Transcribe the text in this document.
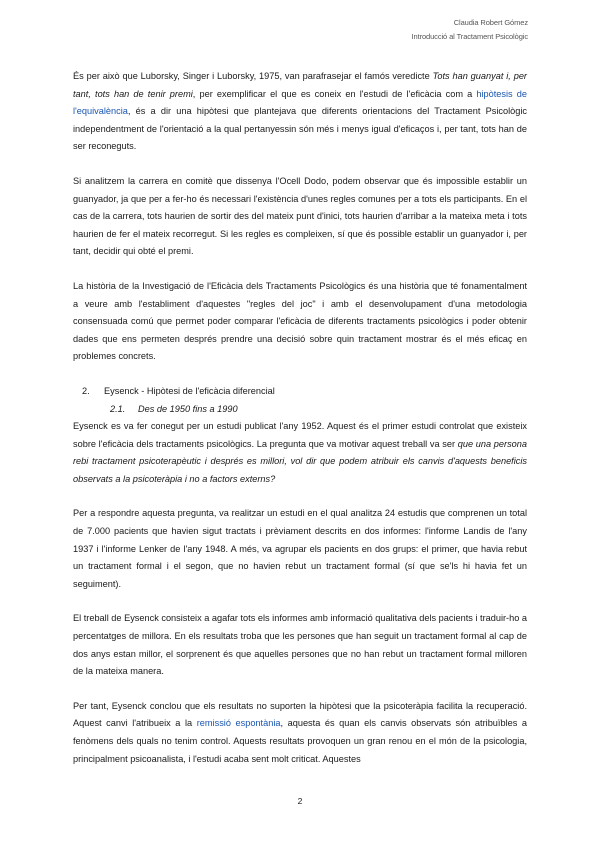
Claudia Robert Gómez
Introducció al Tractament Psicològic

És per això que Luborsky, Singer i Luborsky, 1975, van parafrasejar el famós veredicte Tots han guanyat i, per tant, tots han de tenir premi, per exemplificar el que es coneix en l'estudi de l'eficàcia com a hipòtesis de l'equivalència, és a dir una hipòtesi que plantejava que diferents orientacions del Tractament Psicològic independentment de l'orientació a la qual pertanyessin són més i menys igual d'eficaços i, per tant, tots han de ser reconeguts.

Si analitzem la carrera en comitè que dissenya l'Ocell Dodo, podem observar que és impossible establir un guanyador, ja que per a fer-ho és necessari l'existència d'unes regles comunes per a tots els participants. En el cas de la carrera, tots haurien de sortir des del mateix punt d'inici, tots haurien d'arribar a la mateixa meta i tots haurien de fer el mateix recorregut. Si les regles es compleixen, sí que és possible establir un guanyador i, per tant, decidir qui obté el premi.

La història de la Investigació de l'Eficàcia dels Tractaments Psicològics és una història que té fonamentalment a veure amb l'establiment d'aquestes "regles del joc" i amb el desenvolupament d'una metodologia consensuada comú que permet poder comparar l'eficàcia de diferents tractaments psicològics i poder obtenir dades que ens permeten després prendre una decisió sobre quin tractament mostrar és el més eficaç en problemes concrets.

2. Eysenck - Hipòtesi de l'eficàcia diferencial

2.1. Des de 1950 fins a 1990

Eysenck es va fer conegut per un estudi publicat l'any 1952. Aquest és el primer estudi controlat que existeix sobre l'eficàcia dels tractaments psicològics. La pregunta que va motivar aquest treball va ser que una persona rebi tractament psicoterapèutic i després es millori, vol dir que podem atribuir els canvis d'aquests beneficis observats a la psicoteràpia i no a factors externs?

Per a respondre aquesta pregunta, va realitzar un estudi en el qual analitza 24 estudis que comprenen un total de 7.000 pacients que havien sigut tractats i prèviament descrits en dos informes: l'informe Landis de l'any 1937 i l'informe Lenker de l'any 1948. A més, va agrupar els pacients en dos grups: el primer, que havia rebut un tractament formal i el segon, que no havien rebut un tractament formal (sí que se'ls hi havia fet un seguiment).

El treball de Eysenck consisteix a agafar tots els informes amb informació qualitativa dels pacients i traduir-ho a percentatges de millora. En els resultats troba que les persones que han seguit un tractament formal al cap de dos anys estan millor, el sorprenent és que aquelles persones que no han rebut un tractament formal milloren de la mateixa manera.

Per tant, Eysenck conclou que els resultats no suporten la hipòtesi que la psicoteràpia facilita la recuperació. Aquest canvi l'atribueix a la remissió espontània, aquesta és quan els canvis observats són atribuïbles a fenòmens dels quals no tenim control. Aquests resultats provoquen un gran renou en el món de la psicologia, principalment psicoanalista, i l'estudi acaba sent molt criticat. Aquestes

2
